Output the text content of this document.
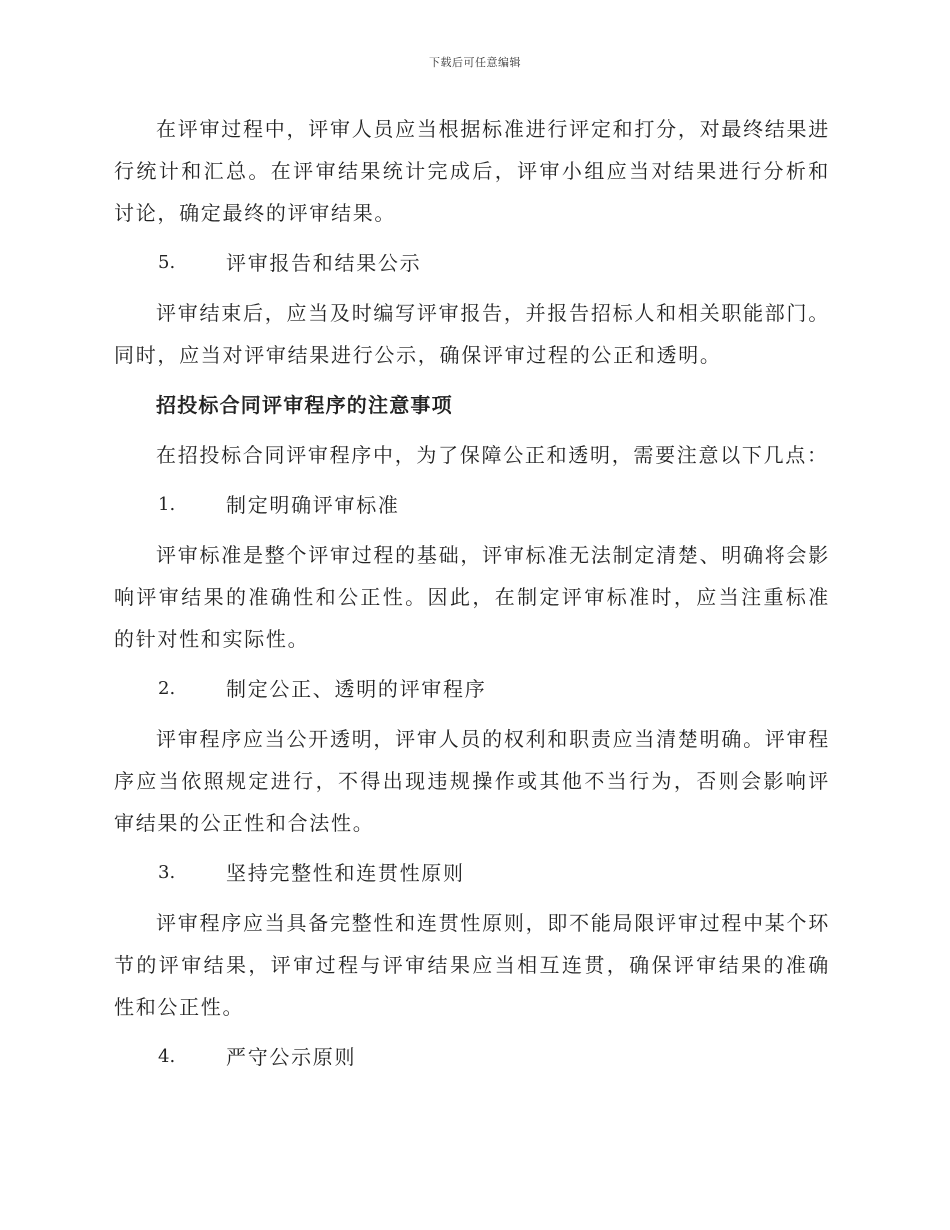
下载后可任意编辑

在评审过程中，评审人员应当根据标准进行评定和打分，对最终结果进行统计和汇总。在评审结果统计完成后，评审小组应当对结果进行分析和讨论，确定最终的评审结果。

5.	评审报告和结果公示

评审结束后，应当及时编写评审报告，并报告招标人和相关职能部门。同时，应当对评审结果进行公示，确保评审过程的公正和透明。

招投标合同评审程序的注意事项

在招投标合同评审程序中，为了保障公正和透明，需要注意以下几点：

1.	制定明确评审标准

评审标准是整个评审过程的基础，评审标准无法制定清楚、明确将会影响评审结果的准确性和公正性。因此，在制定评审标准时，应当注重标准的针对性和实际性。

2.	制定公正、透明的评审程序

评审程序应当公开透明，评审人员的权利和职责应当清楚明确。评审程序应当依照规定进行，不得出现违规操作或其他不当行为，否则会影响评审结果的公正性和合法性。

3.	坚持完整性和连贯性原则

评审程序应当具备完整性和连贯性原则，即不能局限评审过程中某个环节的评审结果，评审过程与评审结果应当相互连贯，确保评审结果的准确性和公正性。

4.	严守公示原则
